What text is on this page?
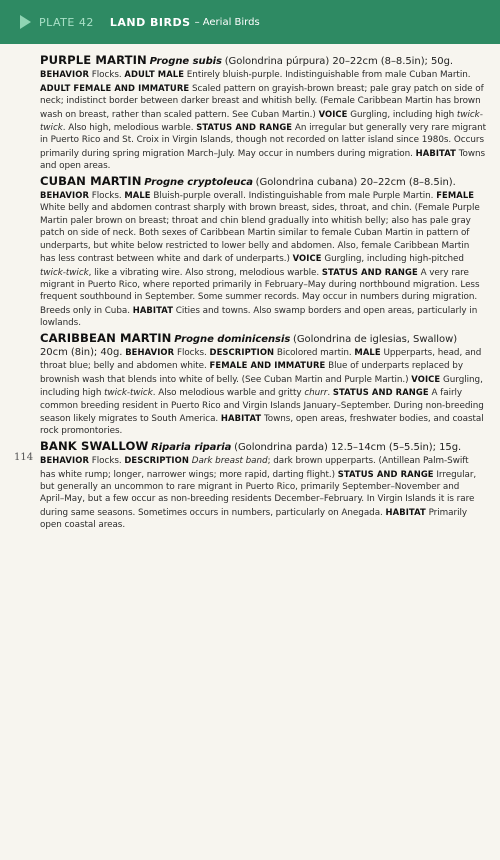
PLATE 42 LAND BIRDS – Aerial Birds
114

PURPLE MARTIN Progne subis (Golondrina púrpura) 20–22cm (8–8.5in); 50g. BEHAVIOR Flocks. ADULT MALE Entirely bluish-purple. Indistinguishable from male Cuban Martin. ADULT FEMALE AND IMMATURE Scaled pattern on grayish-brown breast; pale gray patch on side of neck; indistinct border between darker breast and whitish belly. (Female Caribbean Martin has brown wash on breast, rather than scaled pattern. See Cuban Martin.) VOICE Gurgling, including high twick-twick. Also high, melodious warble. STATUS AND RANGE An irregular but generally very rare migrant in Puerto Rico and St. Croix in Virgin Islands, though not recorded on latter island since 1980s. Occurs primarily during spring migration March–July. May occur in numbers during migration. HABITAT Towns and open areas.

CUBAN MARTIN Progne cryptoleuca (Golondrina cubana) 20–22cm (8–8.5in). BEHAVIOR Flocks. MALE Bluish-purple overall. Indistinguishable from male Purple Martin. FEMALE White belly and abdomen contrast sharply with brown breast, sides, throat, and chin. (Female Purple Martin paler brown on breast; throat and chin blend gradually into whitish belly; also has pale gray patch on side of neck. Both sexes of Caribbean Martin similar to female Cuban Martin in pattern of underparts, but white below restricted to lower belly and abdomen. Also, female Caribbean Martin has less contrast between white and dark of underparts.) VOICE Gurgling, including high-pitched twick-twick, like a vibrating wire. Also strong, melodious warble. STATUS AND RANGE A very rare migrant in Puerto Rico, where reported primarily in February–May during northbound migration. Less frequent southbound in September. Some summer records. May occur in numbers during migration. Breeds only in Cuba. HABITAT Cities and towns. Also swamp borders and open areas, particularly in lowlands.

CARIBBEAN MARTIN Progne dominicensis (Golondrina de iglesias, Swallow) 20cm (8in); 40g. BEHAVIOR Flocks. DESCRIPTION Bicolored martin. MALE Upperparts, head, and throat blue; belly and abdomen white. FEMALE AND IMMATURE Blue of underparts replaced by brownish wash that blends into white of belly. (See Cuban Martin and Purple Martin.) VOICE Gurgling, including high twick-twick. Also melodious warble and gritty churr. STATUS AND RANGE A fairly common breeding resident in Puerto Rico and Virgin Islands January–September. During non-breeding season likely migrates to South America. HABITAT Towns, open areas, freshwater bodies, and coastal rock promontories.

BANK SWALLOW Riparia riparia (Golondrina parda) 12.5–14cm (5–5.5in); 15g. BEHAVIOR Flocks. DESCRIPTION Dark breast band; dark brown upperparts. (Antillean Palm-Swift has white rump; longer, narrower wings; more rapid, darting flight.) STATUS AND RANGE Irregular, but generally an uncommon to rare migrant in Puerto Rico, primarily September–November and April–May, but a few occur as non-breeding residents December–February. In Virgin Islands it is rare during same seasons. Sometimes occurs in numbers, particularly on Anegada. HABITAT Primarily open coastal areas.
